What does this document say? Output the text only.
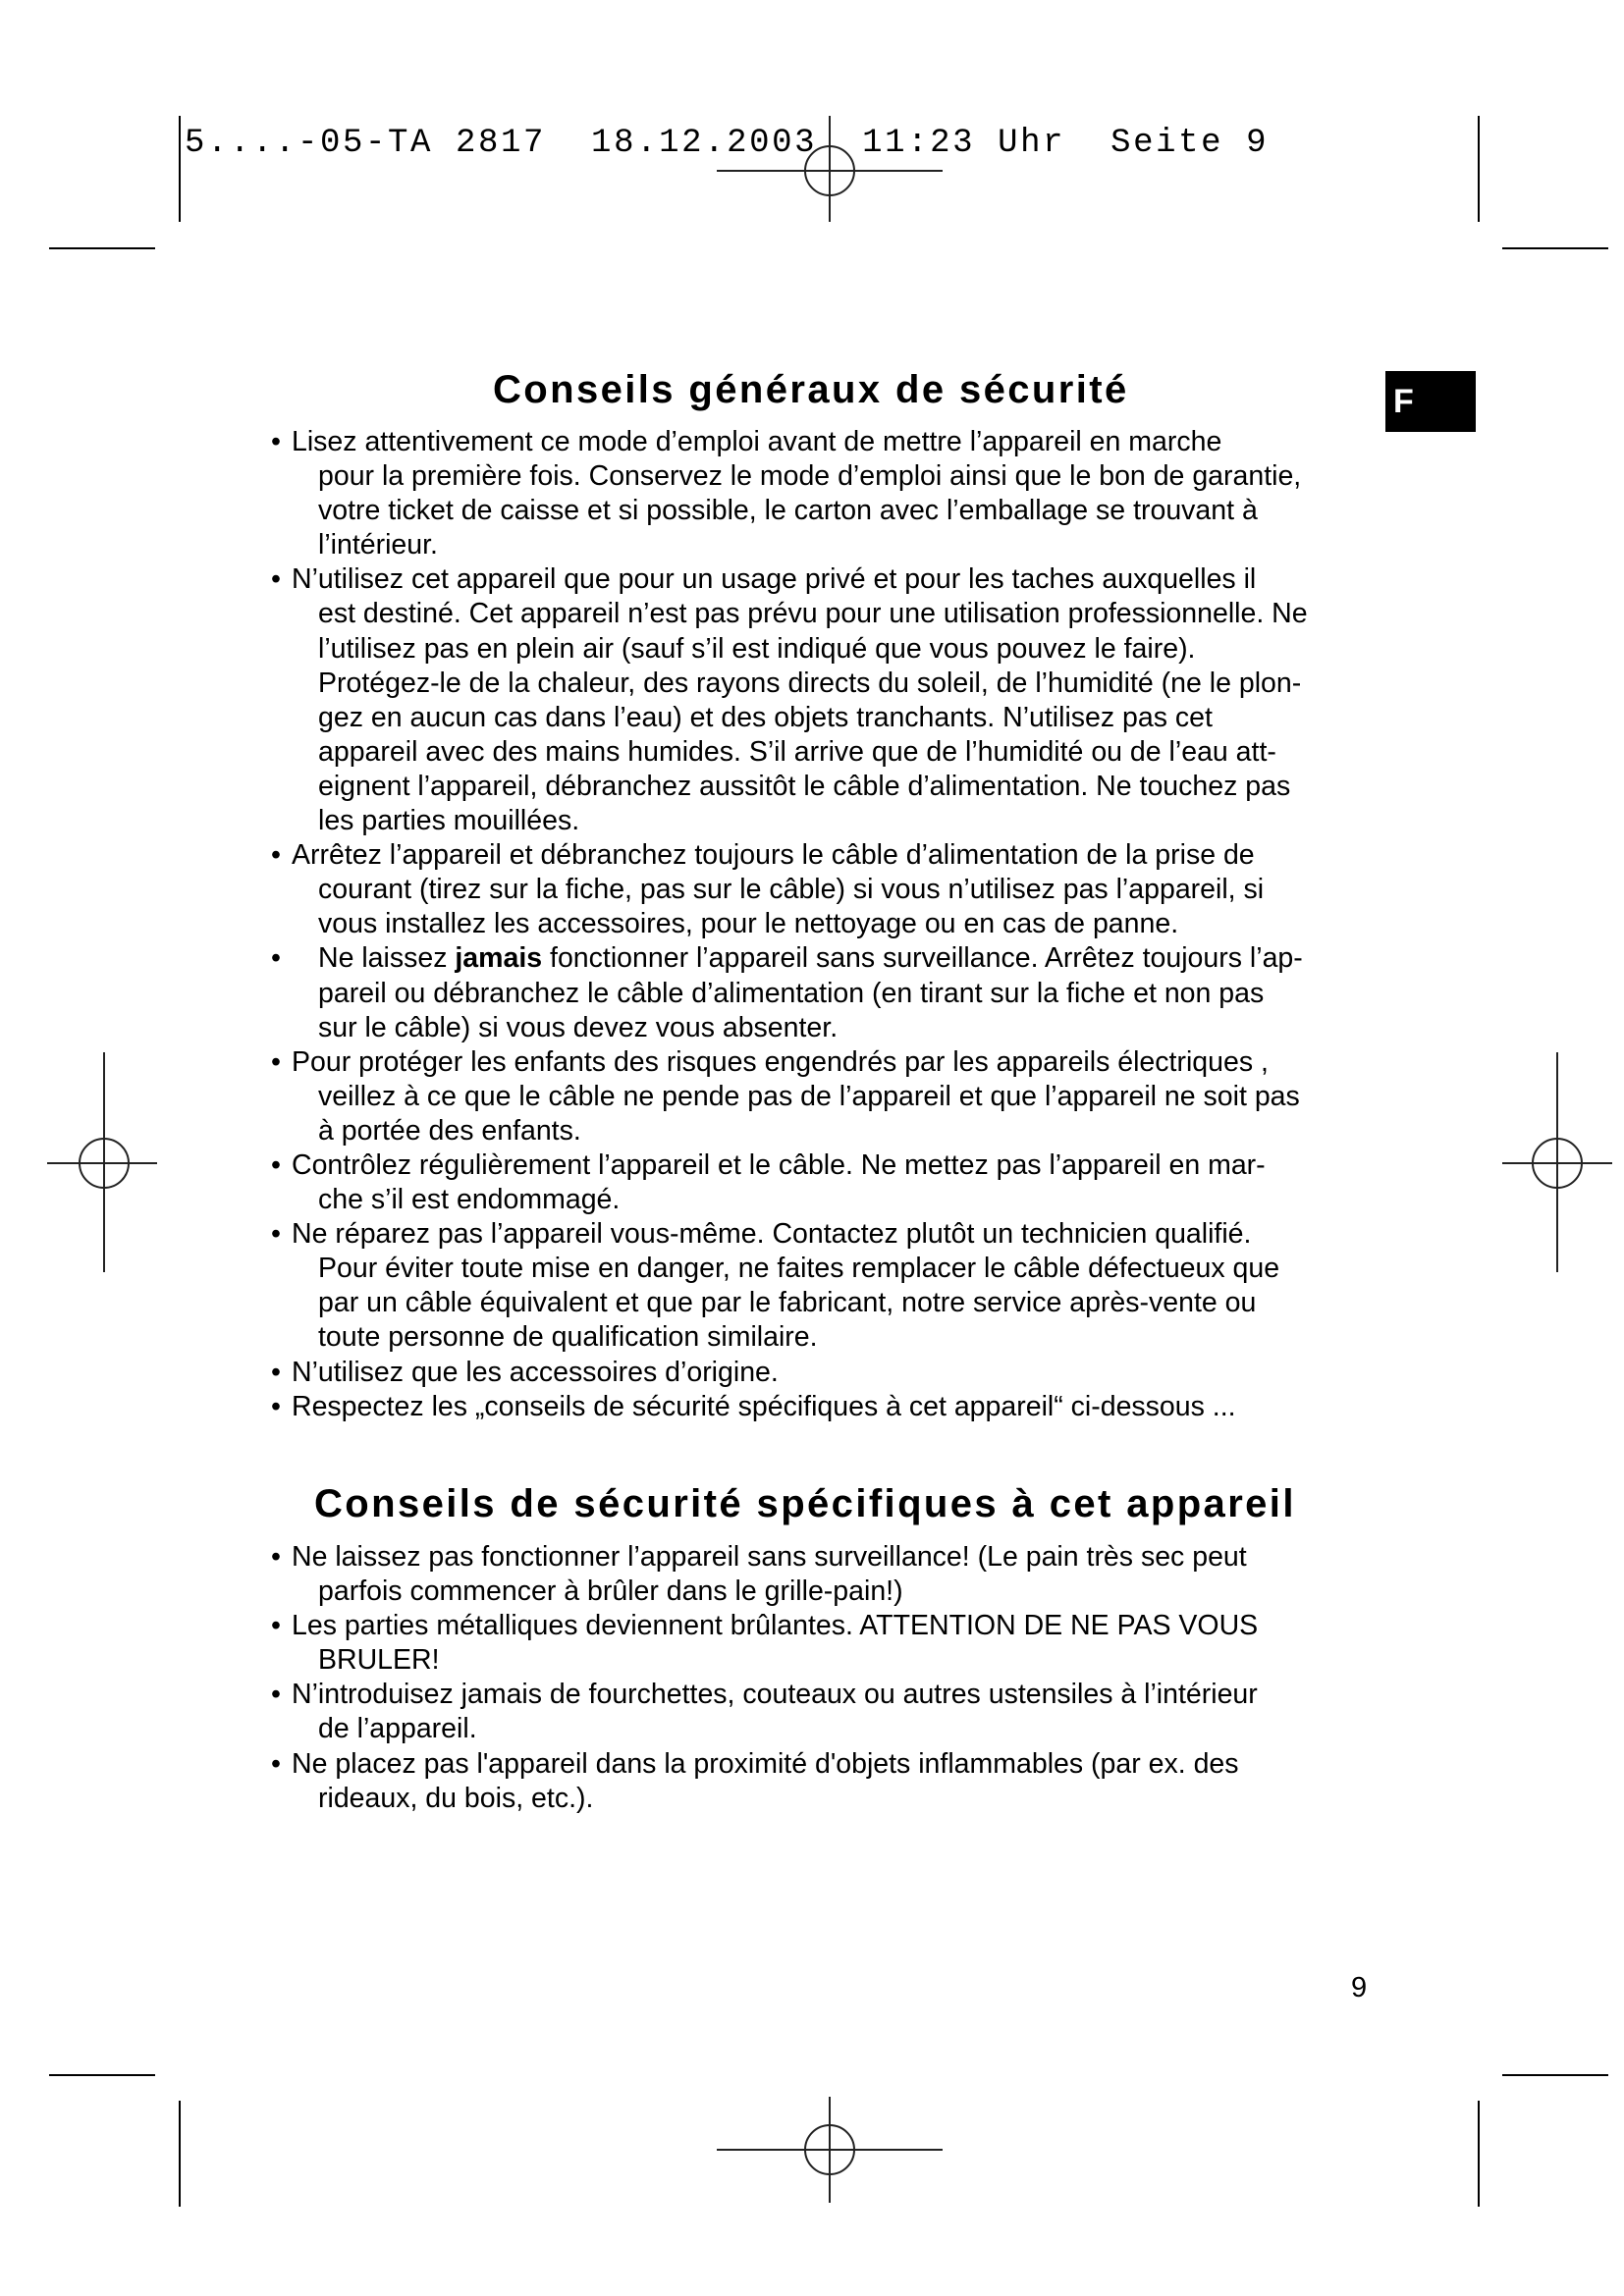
5....-05-TA 2817  18.12.2003  11:23 Uhr  Seite 9
F
Conseils généraux de sécurité
• Lisez attentivement ce mode d’emploi avant de mettre l’appareil en marche

pour la première fois. Conservez le mode d’emploi ainsi que le bon de garantie,
votre ticket de caisse et si possible, le carton avec l’emballage se trouvant à
l’intérieur.
• N’utilisez cet appareil que pour un usage privé et pour les taches auxquelles il

est destiné. Cet appareil n’est pas prévu pour une utilisation professionnelle. Ne
l’utilisez pas en plein air (sauf s’il est indiqué que vous pouvez le faire).
Protégez-le de la chaleur, des rayons directs du soleil, de l’humidité (ne le plon-
gez en aucun cas dans l’eau) et des objets tranchants. N’utilisez pas cet
appareil avec des mains humides. S’il arrive que de l’humidité ou de l’eau att-
eignent l’appareil, débranchez aussitôt le câble d’alimentation. Ne touchez pas
les parties mouillées.
• Arrêtez l’appareil et débranchez toujours le câble d’alimentation de la prise de

courant (tirez sur la fiche, pas sur le câble) si vous n’utilisez pas l’appareil, si
vous installez les accessoires, pour le nettoyage ou en cas de panne.
• Ne laissez jamais fonctionner l’appareil sans surveillance. Arrêtez toujours l’ap-

pareil ou débranchez le câble d’alimentation (en tirant sur la fiche et non pas
sur le câble) si vous devez vous absenter.
• Pour protéger les enfants des risques engendrés par les appareils électriques ,

veillez à ce que le câble ne pende pas de l’appareil et que l’appareil ne soit pas
à portée des enfants.
• Contrôlez régulièrement l’appareil et le câble. Ne mettez pas l’appareil en mar-

che s’il est endommagé.
• Ne réparez pas l’appareil vous-même. Contactez plutôt un technicien qualifié.

Pour éviter toute mise en danger, ne faites remplacer le câble défectueux que
par un câble équivalent et que par le fabricant, notre service après-vente ou
toute personne de qualification similaire.
• N’utilisez que les accessoires d’origine.

• Respectez les „conseils de sécurité spécifiques à cet appareil“ ci-dessous ...

Conseils de sécurité spécifiques à cet appareil
• Ne laissez pas fonctionner l’appareil sans surveillance! (Le pain très sec peut

parfois commencer à brûler dans le grille-pain!)
• Les parties métalliques deviennent brûlantes. ATTENTION DE NE PAS VOUS

BRULER!
• N’introduisez jamais de fourchettes, couteaux ou autres ustensiles à l’intérieur

de l’appareil.
• Ne placez pas l'appareil dans la proximité d'objets inflammables (par ex. des

rideaux, du bois, etc.).
9
